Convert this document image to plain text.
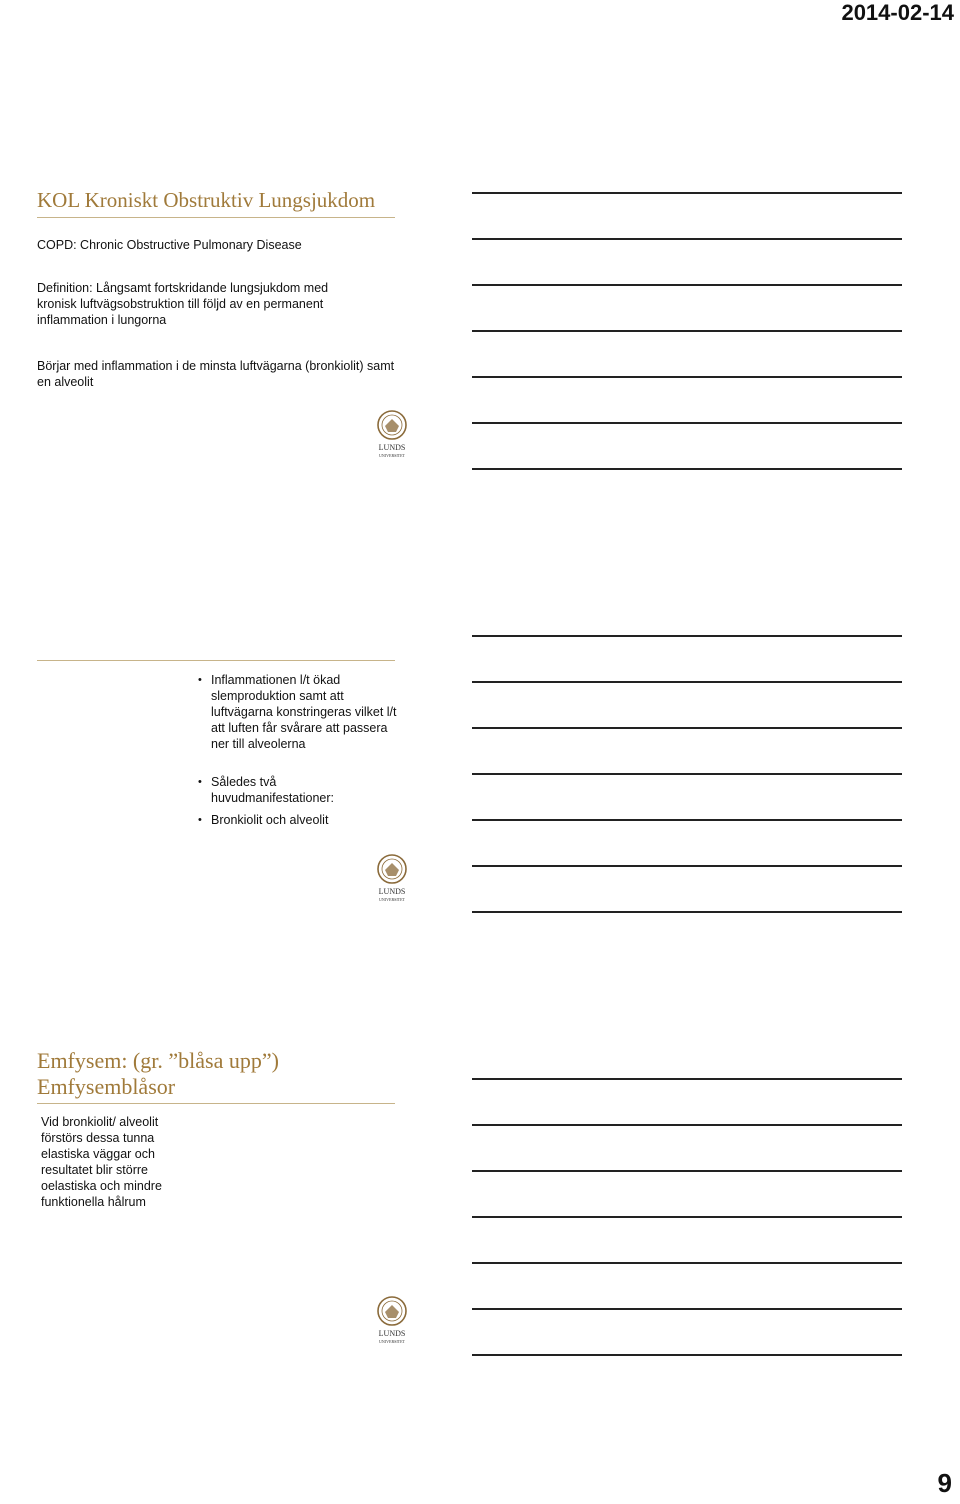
2014-02-14
KOL Kroniskt Obstruktiv Lungsjukdom

COPD: Chronic Obstructive Pulmonary Disease

Definition: Långsamt fortskridande lungsjukdom med kronisk luftvägsobstruktion till följd av en permanent inflammation i lungorna

Börjar med inflammation i de minsta luftvägarna (bronkiolit) samt en alveolit

LUNDS
UNIVERSITET
• Inflammationen l/t ökad slemproduktion samt att luftvägarna konstringeras vilket l/t att luften får svårare att passera ner till alveolerna
• Således två huvudmanifestationer:
• Bronkiolit och alveolit
LUNDS
UNIVERSITET
Emfysem: (gr. ”blåsa upp”)
Emfysemblåsor

Vid bronkiolit/ alveolit förstörs dessa tunna elastiska väggar och resultatet blir större oelastiska och mindre funktionella hålrum

LUNDS
UNIVERSITET
9
